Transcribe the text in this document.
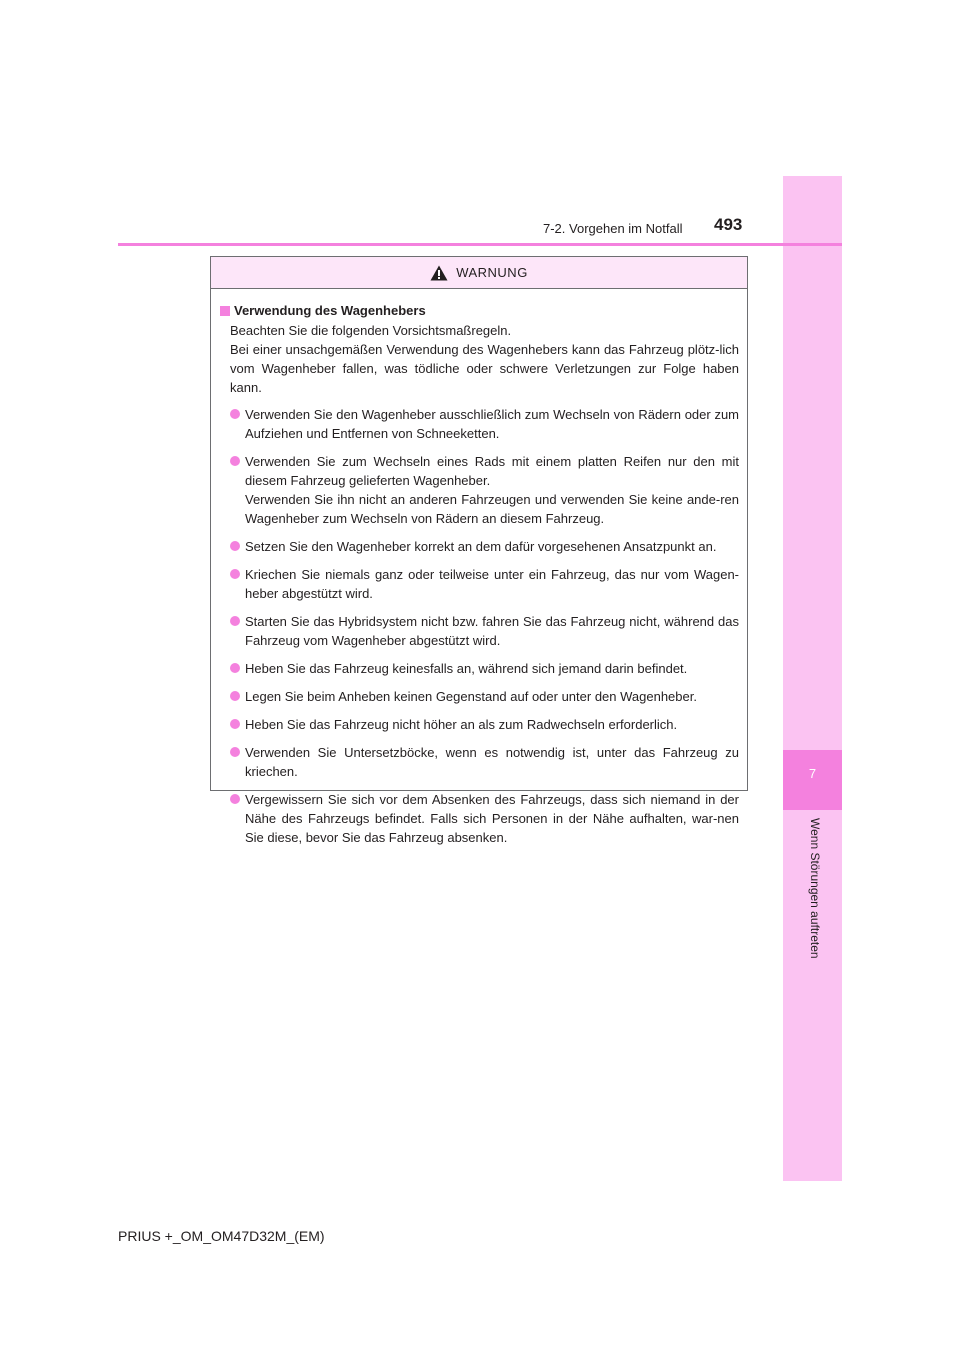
7
Wenn Störungen auftreten
7-2. Vorgehen im Notfall 493
WARNUNG
Verwendung des Wagenhebers

Beachten Sie die folgenden Vorsichtsmaßregeln.

Bei einer unsachgemäßen Verwendung des Wagenhebers kann das Fahrzeug plötz-lich vom Wagenheber fallen, was tödliche oder schwere Verletzungen zur Folge haben kann.

Verwenden Sie den Wagenheber ausschließlich zum Wechseln von Rädern oder zum Aufziehen und Entfernen von Schneeketten.
Verwenden Sie zum Wechseln eines Rads mit einem platten Reifen nur den mit diesem Fahrzeug gelieferten Wagenheber.
Verwenden Sie ihn nicht an anderen Fahrzeugen und verwenden Sie keine ande-ren Wagenheber zum Wechseln von Rädern an diesem Fahrzeug.
Setzen Sie den Wagenheber korrekt an dem dafür vorgesehenen Ansatzpunkt an.
Kriechen Sie niemals ganz oder teilweise unter ein Fahrzeug, das nur vom Wagen-heber abgestützt wird.
Starten Sie das Hybridsystem nicht bzw. fahren Sie das Fahrzeug nicht, während das Fahrzeug vom Wagenheber abgestützt wird.
Heben Sie das Fahrzeug keinesfalls an, während sich jemand darin befindet.
Legen Sie beim Anheben keinen Gegenstand auf oder unter den Wagenheber.
Heben Sie das Fahrzeug nicht höher an als zum Radwechseln erforderlich.
Verwenden Sie Untersetzböcke, wenn es notwendig ist, unter das Fahrzeug zu kriechen.
Vergewissern Sie sich vor dem Absenken des Fahrzeugs, dass sich niemand in der Nähe des Fahrzeugs befindet. Falls sich Personen in der Nähe aufhalten, war-nen Sie diese, bevor Sie das Fahrzeug absenken.
PRIUS +_OM_OM47D32M_(EM)
